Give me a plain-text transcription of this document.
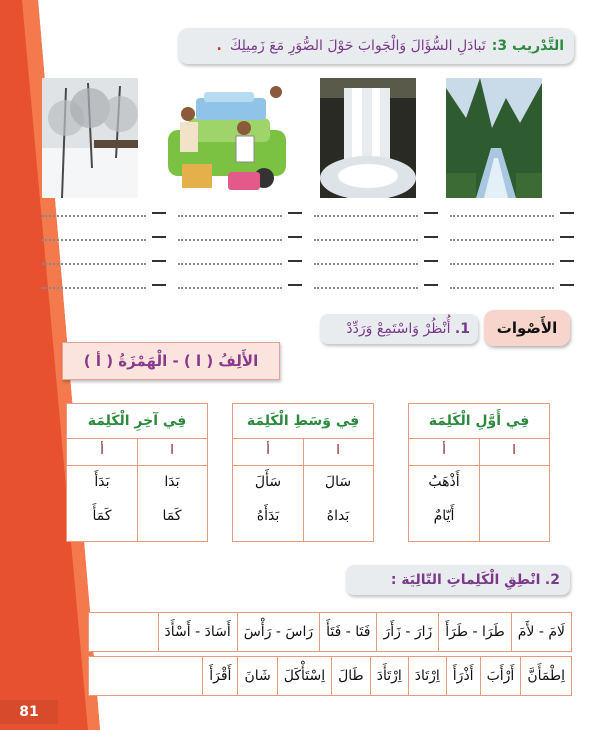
81
التَّدْريب 3:
تَبادَلِ السُّؤَالَ وَالْجَوابَ حَوْلَ الصُّوَرِ مَعَ زَمِيلِكَ
.
الأَصْوات
1. أُنْظُرْ وَاسْتَمِعْ وَرَدِّدْ
الأَلِفُ ( ا ) - الْهَمْزَةُ ( أ )
فِي أَوَّلِ الْكَلِمَة
ا
أ
أَذْهَبُ
أَيّامٌ
فِي وَسَطِ الْكَلِمَة
ا
أ
سَالَ
سَأَلَ
بَداهُ
بَدَأَهُ
فِي آخِرِ الْكَلِمَة
ا
أ
بَدَا
بَدَأَ
كَمَا
كَمَأَ
2. انْطِقِ الْكَلِماتِ التّالِيَة :
لَامَ - لأَمَ
طَرَا - طَرَأَ
زَارَ - زَأَرَ
فَتَا - فَتَأَ
رَاسَ - رَأْسَ
أَسَادَ - أَسْأَدَ
اِطْمَأَنَّ
أَرْأَبَ
أَذْرَأَ
اِرْتَادَ
اِرْتَأَدَ
طَالَ
اِسْتَأْكَلَ
شَانَ
أَقْرَأَ
